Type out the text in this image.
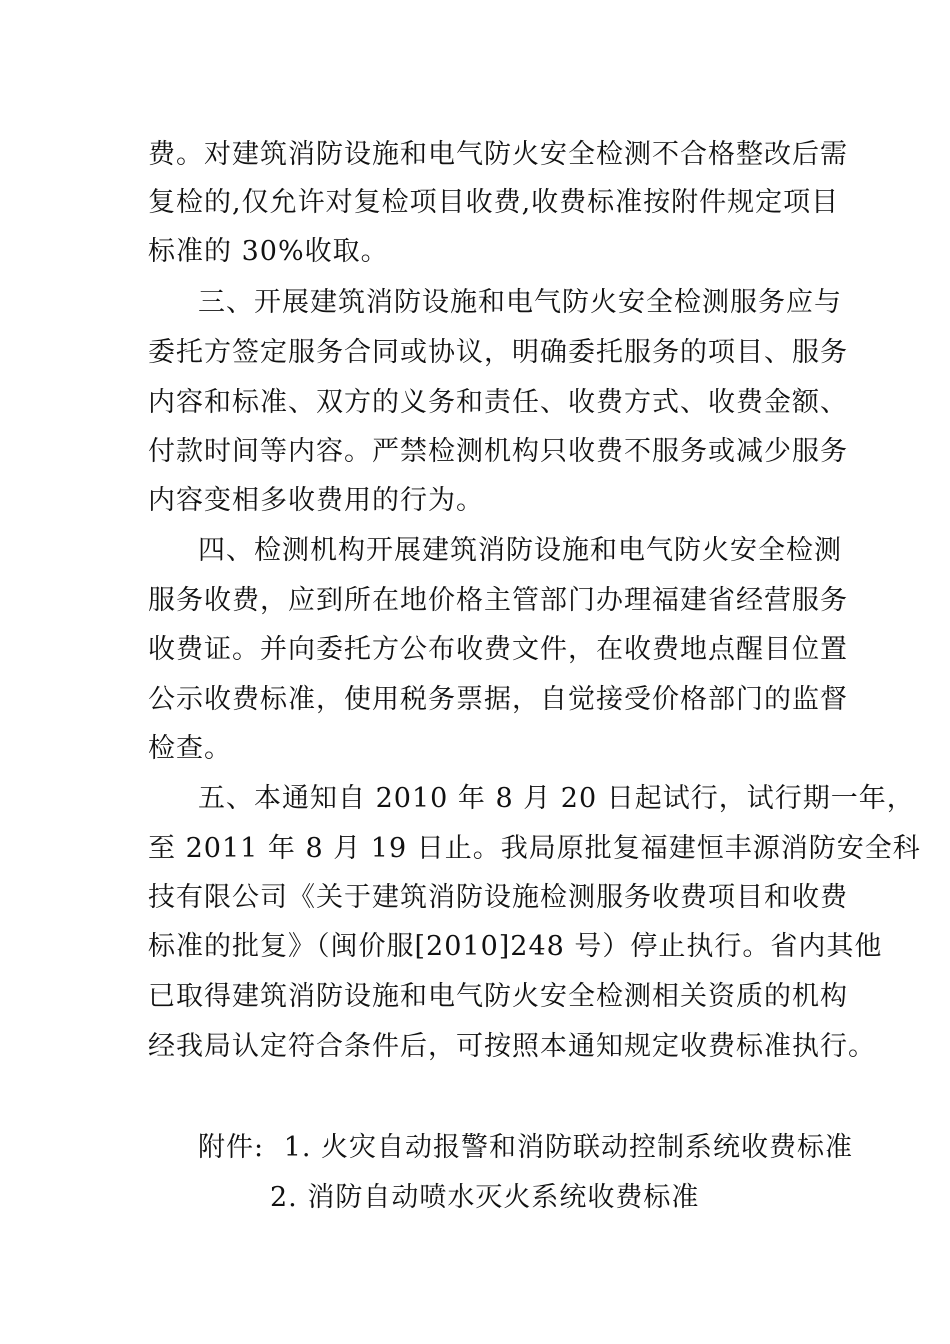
费。对建筑消防设施和电气防火安全检测不合格整改后需
复检的,仅允许对复检项目收费,收费标准按附件规定项目
标准的 30%收取。
三、开展建筑消防设施和电气防火安全检测服务应与
委托方签定服务合同或协议，明确委托服务的项目、服务
内容和标准、双方的义务和责任、收费方式、收费金额、
付款时间等内容。严禁检测机构只收费不服务或减少服务
内容变相多收费用的行为。
四、检测机构开展建筑消防设施和电气防火安全检测
服务收费，应到所在地价格主管部门办理福建省经营服务
收费证。并向委托方公布收费文件，在收费地点醒目位置
公示收费标准，使用税务票据，自觉接受价格部门的监督
检查。
五、本通知自 2010 年 8 月 20 日起试行，试行期一年，
至 2011 年 8 月 19 日止。我局原批复福建恒丰源消防安全科
技有限公司《关于建筑消防设施检测服务收费项目和收费
标准的批复》（闽价服[2010]248 号）停止执行。省内其他
已取得建筑消防设施和电气防火安全检测相关资质的机构
经我局认定符合条件后，可按照本通知规定收费标准执行。
附件: 1. 火灾自动报警和消防联动控制系统收费标准
2. 消防自动喷水灭火系统收费标准
